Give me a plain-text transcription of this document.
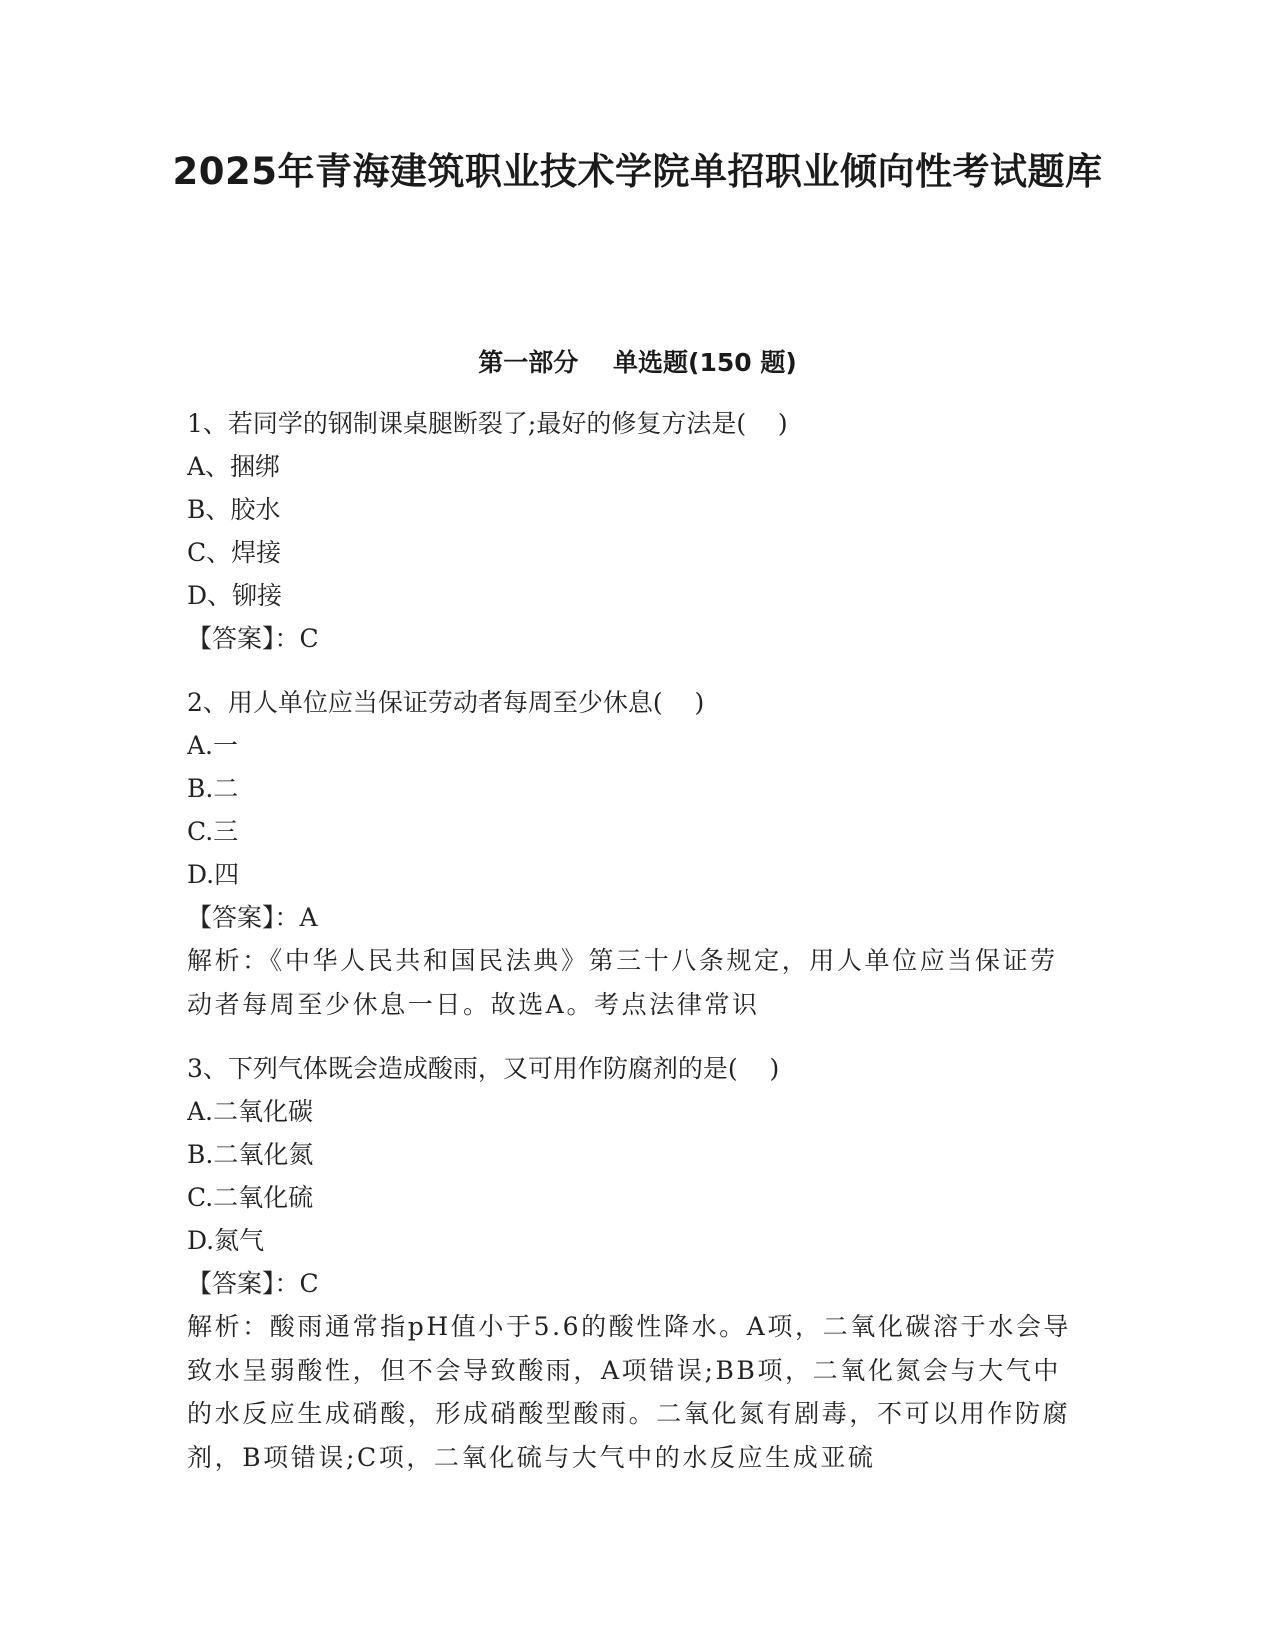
2025年青海建筑职业技术学院单招职业倾向性考试题库
第一部分    单选题(150 题)
1、若同学的钢制课桌腿断裂了;最好的修复方法是(    )
A、捆绑
B、胶水
C、焊接
D、铆接
【答案】：C
2、用人单位应当保证劳动者每周至少休息(    )
A.一
B.二
C.三
D.四
【答案】：A

解析：《中华人民共和国民法典》第三十八条规定，用人单位应当保证劳动者每周至少休息一日。故选A。考点法律常识

3、下列气体既会造成酸雨，又可用作防腐剂的是(    )
A.二氧化碳
B.二氧化氮
C.二氧化硫
D.氮气
【答案】：C

解析：酸雨通常指pH值小于5.6的酸性降水。A项，二氧化碳溶于水会导致水呈弱酸性，但不会导致酸雨，A项错误;BB项，二氧化氮会与大气中的水反应生成硝酸，形成硝酸型酸雨。二氧化氮有剧毒，不可以用作防腐剂，B项错误;C项，二氧化硫与大气中的水反应生成亚硫
